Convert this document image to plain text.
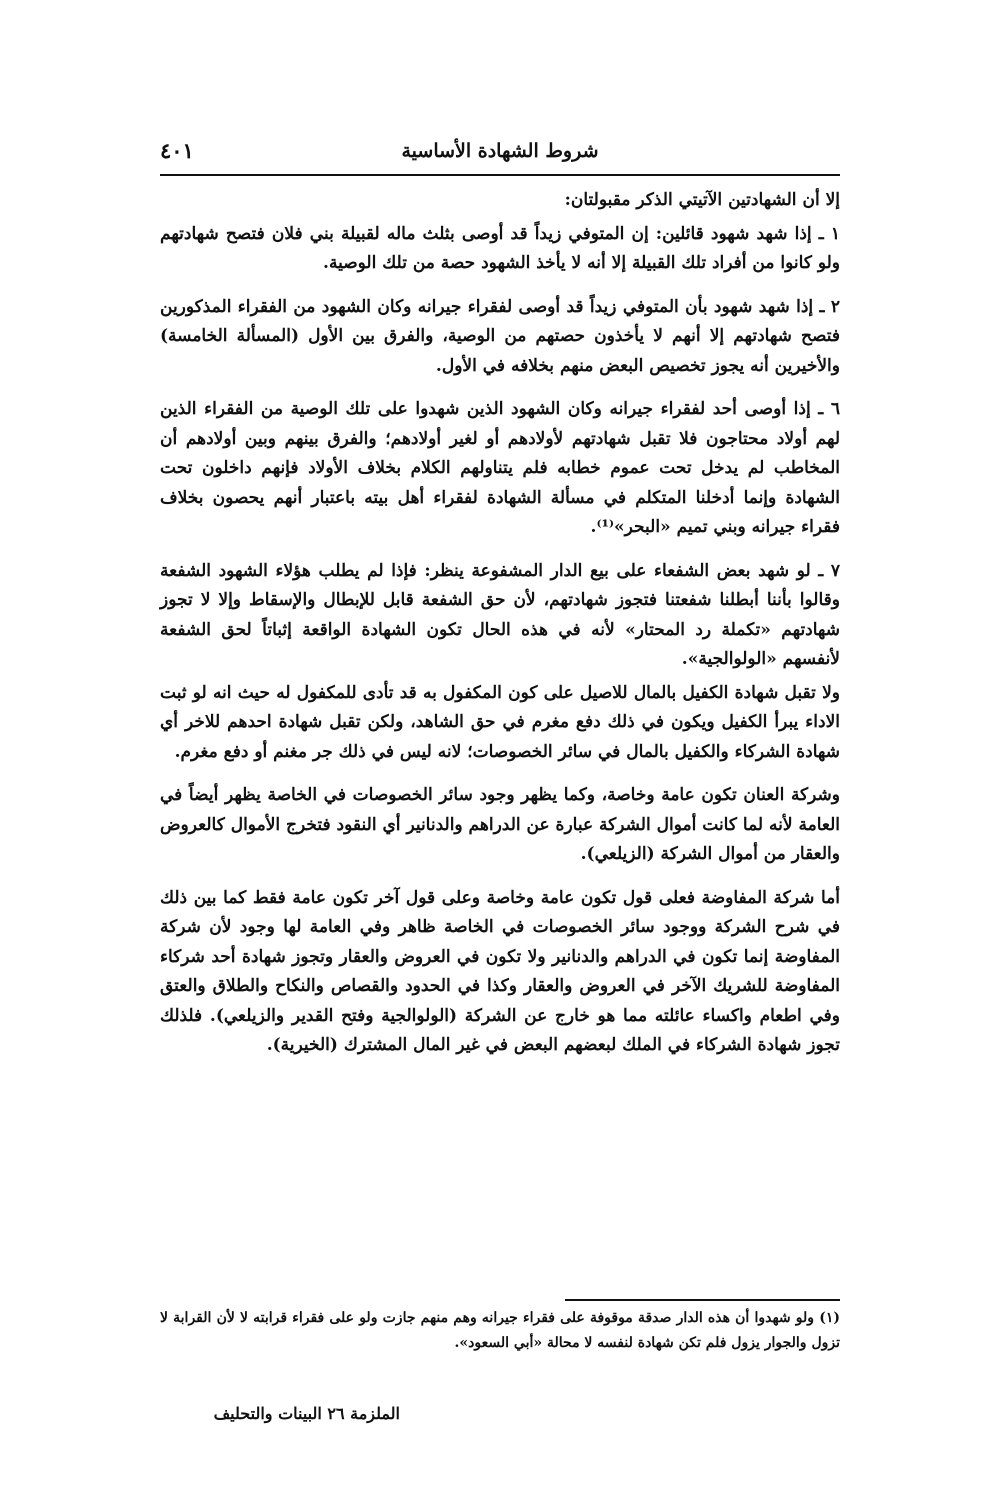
شروط الشهادة الأساسية
٤٠١

إلا أن الشهادتين الآتيتي الذكر مقبولتان:

١ ـ إذا شهد شهود قائلين: إن المتوفي زيداً قد أوصى بثلث ماله لقبيلة بني فلان فتصح شهادتهم ولو كانوا من أفراد تلك القبيلة إلا أنه لا يأخذ الشهود حصة من تلك الوصية.

٢ ـ إذا شهد شهود بأن المتوفي زيداً قد أوصى لفقراء جيرانه وكان الشهود من الفقراء المذكورين فتصح شهادتهم إلا أنهم لا يأخذون حصتهم من الوصية، والفرق بين الأول (المسألة الخامسة) والأخيرين أنه يجوز تخصيص البعض منهم بخلافه في الأول.

٦ ـ إذا أوصى أحد لفقراء جيرانه وكان الشهود الذين شهدوا على تلك الوصية من الفقراء الذين لهم أولاد محتاجون فلا تقبل شهادتهم لأولادهم أو لغير أولادهم؛ والفرق بينهم وبين أولادهم أن المخاطب لم يدخل تحت عموم خطابه فلم يتناولهم الكلام بخلاف الأولاد فإنهم داخلون تحت الشهادة وإنما أدخلنا المتكلم في مسألة الشهادة لفقراء أهل بيته باعتبار أنهم يحصون بخلاف فقراء جيرانه وبني تميم «البحر»⁽¹⁾.

٧ ـ لو شهد بعض الشفعاء على بيع الدار المشفوعة ينظر: فإذا لم يطلب هؤلاء الشهود الشفعة وقالوا بأننا أبطلنا شفعتنا فتجوز شهادتهم، لأن حق الشفعة قابل للإبطال والإسقاط وإلا لا تجوز شهادتهم «تكملة رد المحتار» لأنه في هذه الحال تكون الشهادة الواقعة إثباتاً لحق الشفعة لأنفسهم «الولوالجية».

ولا تقبل شهادة الكفيل بالمال للاصيل على كون المكفول به قد تأدى للمكفول له حيث انه لو ثبت الاداء يبرأ الكفيل ويكون في ذلك دفع مغرم في حق الشاهد، ولكن تقبل شهادة احدهم للاخر أي شهادة الشركاء والكفيل بالمال في سائر الخصوصات؛ لانه ليس في ذلك جر مغنم أو دفع مغرم.

وشركة العنان تكون عامة وخاصة، وكما يظهر وجود سائر الخصوصات في الخاصة يظهر أيضاً في العامة لأنه لما كانت أموال الشركة عبارة عن الدراهم والدنانير أي النقود فتخرج الأموال كالعروض والعقار من أموال الشركة (الزيلعي).

أما شركة المفاوضة فعلى قول تكون عامة وخاصة وعلى قول آخر تكون عامة فقط كما بين ذلك في شرح الشركة ووجود سائر الخصوصات في الخاصة ظاهر وفي العامة لها وجود لأن شركة المفاوضة إنما تكون في الدراهم والدنانير ولا تكون في العروض والعقار وتجوز شهادة أحد شركاء المفاوضة للشريك الآخر في العروض والعقار وكذا في الحدود والقصاص والنكاح والطلاق والعتق وفي اطعام واكساء عائلته مما هو خارج عن الشركة (الولوالجية وفتح القدير والزيلعي). فلذلك تجوز شهادة الشركاء في الملك لبعضهم البعض في غير المال المشترك (الخيرية).

(١) ولو شهدوا أن هذه الدار صدقة موقوفة على فقراء جيرانه وهم منهم جازت ولو على فقراء قرابته لا لأن القرابة لا تزول والجوار يزول فلم تكن شهادة لنفسه لا محالة «أبي السعود».

الملزمة ٢٦ البينات والتحليف
